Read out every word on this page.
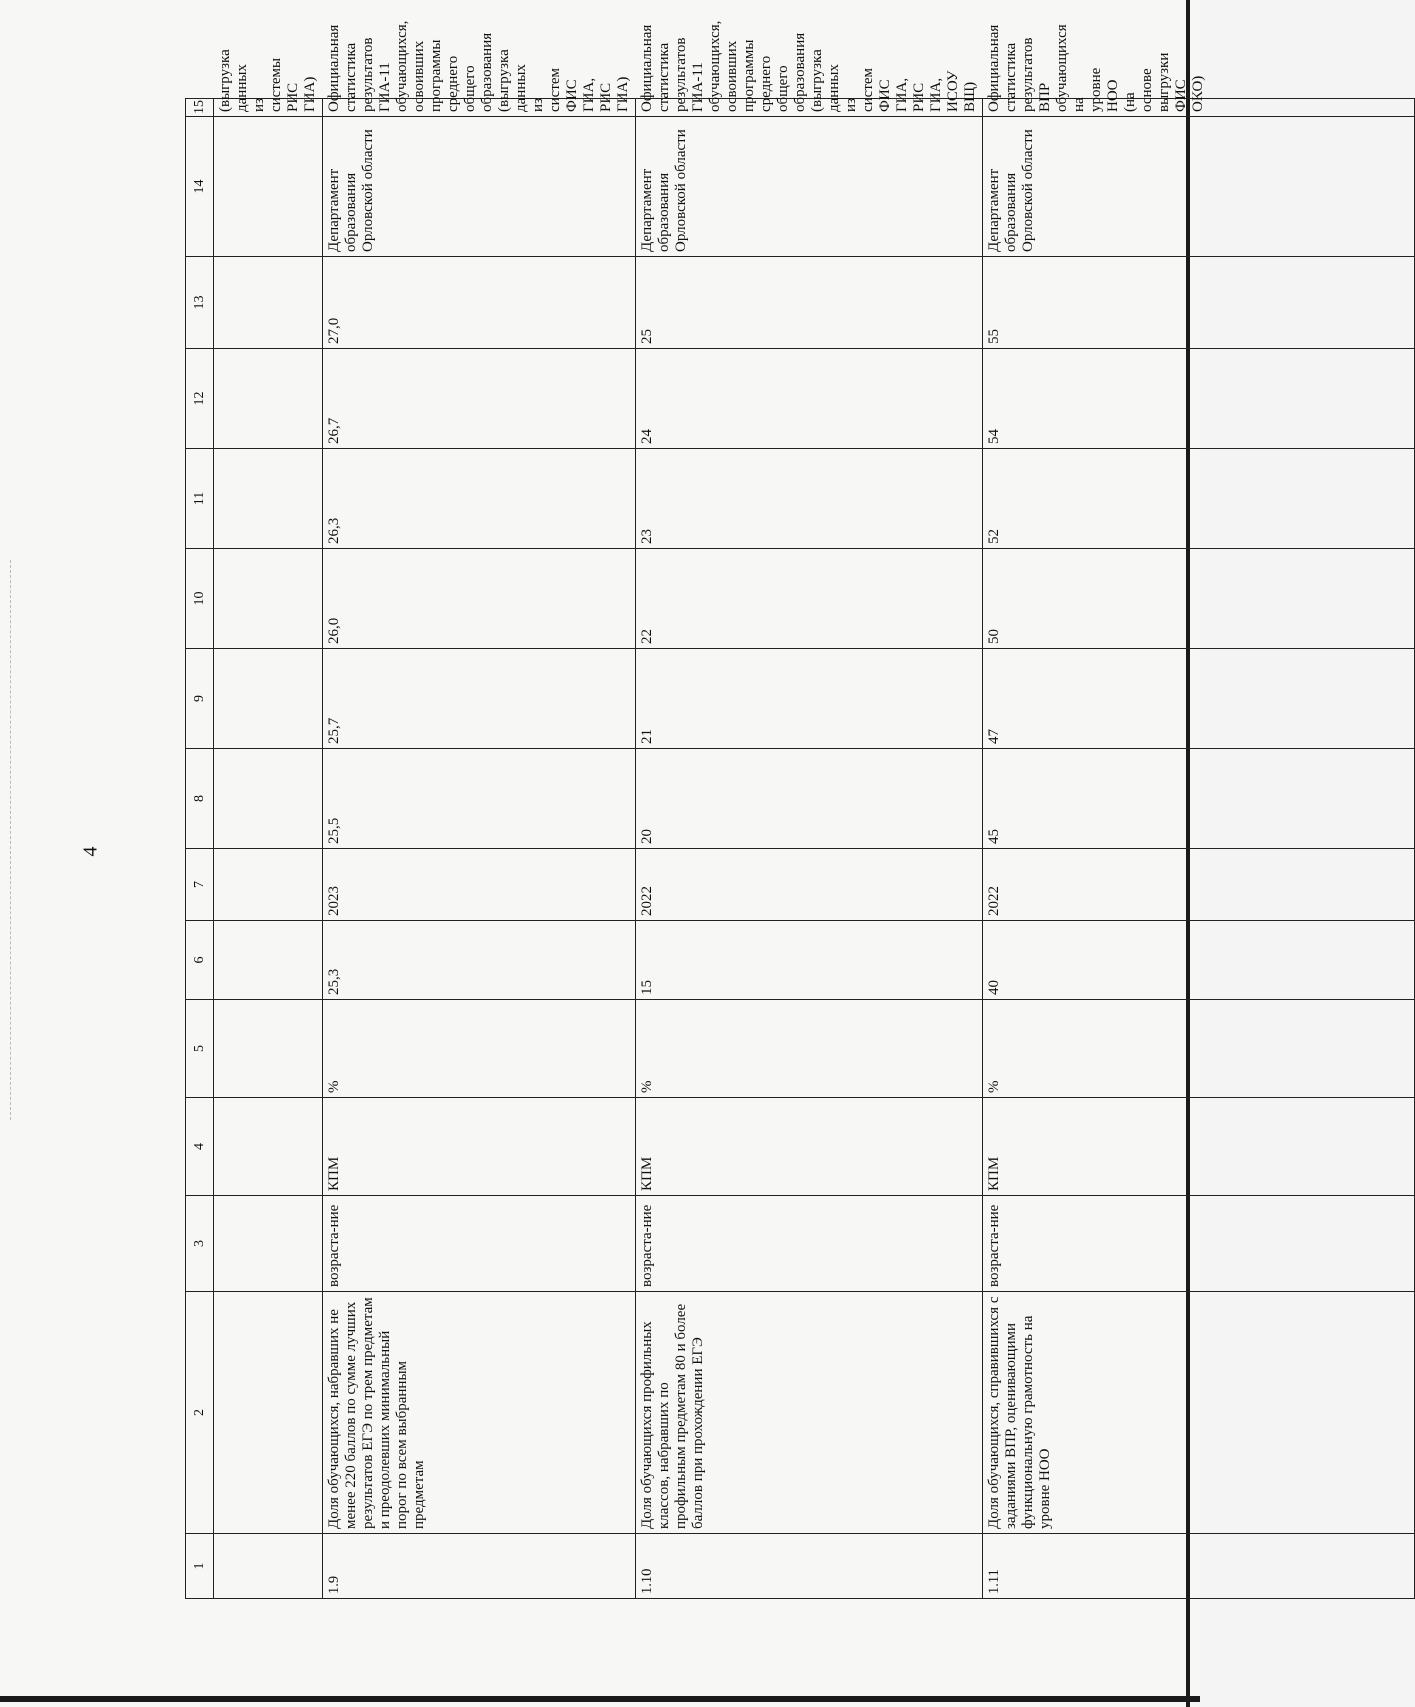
4
1	2	3	4	5	6	7	8	9	10	11	12	13	14	15
														(выгрузка данных из системы РИС ГИА)
1.9	Доля обучающихся, набравших не менее 220 баллов по сумме лучших результатов ЕГЭ по трем предметам и преодолевших минимальный порог по всем выбранным предметам	возраста-ние	КПМ	%	25,3	2023	25,5	25,7	26,0	26,3	26,7	27,0	Департамент образования Орловской области	Официальная статистика результатов ГИА-11 обучающихся, освоивших программы среднего общего образования (выгрузка данных из систем ФИС ГИА, РИС ГИА)
1.10	Доля обучающихся профильных классов, набравших по профильным предметам 80 и более баллов при прохождении ЕГЭ	возраста-ние	КПМ	%	15	2022	20	21	22	23	24	25	Департамент образования Орловской области	Официальная статистика результатов ГИА-11 обучающихся, освоивших программы среднего общего образования (выгрузка данных из систем ФИС ГИА, РИС ГИА, ИСОУ ВЩ)
1.11	Доля обучающихся, справившихся с заданиями ВПР, оценивающими функциональную грамотность на уровне НОО	возраста-ние	КПМ	%	40	2022	45	47	50	52	54	55	Департамент образования Орловской области	Официальная статистика результатов ВПР обучающихся на уровне НОО (на основе выгрузки ФИС ОКО)
